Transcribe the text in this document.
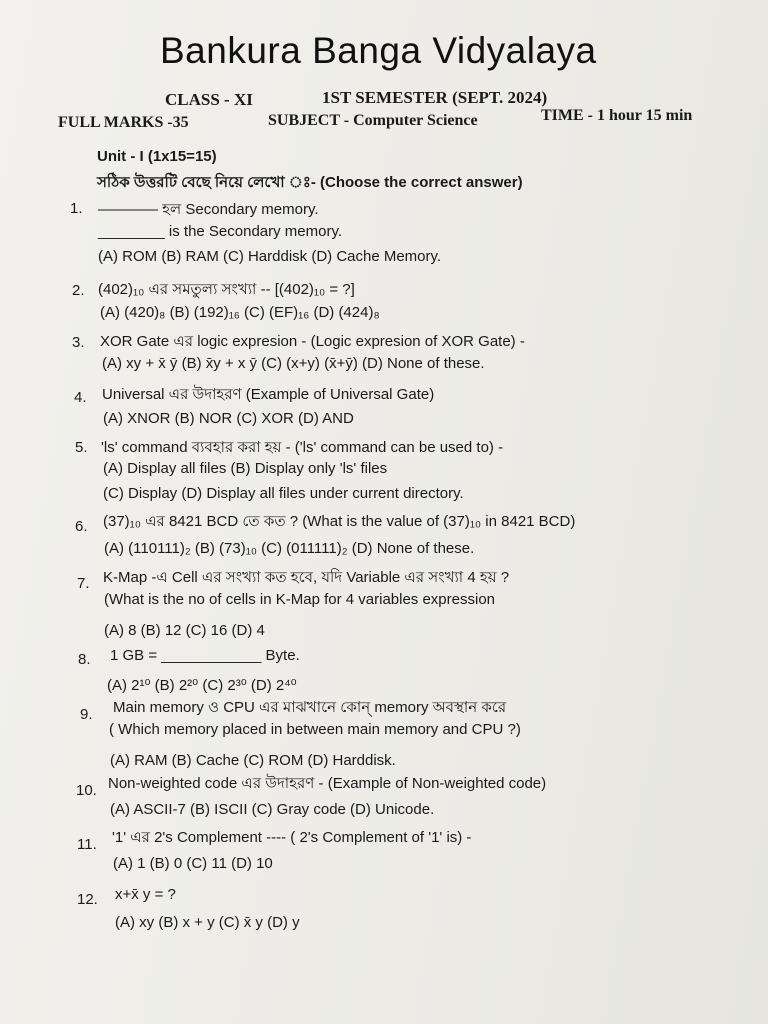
Bankura Banga Vidyalaya
CLASS - XI	1ST SEMESTER (SEPT. 2024)
FULL MARKS -35	SUBJECT - Computer Science	TIME - 1 hour 15 min
Unit - I (1x15=15)
সঠিক উত্তরটি বেছে নিয়ে লেখো ঃ- (Choose the correct answer)
1. ———— হল Secondary memory.
________ is the Secondary memory.
(A) ROM (B) RAM (C) Harddisk (D) Cache Memory.
2. (402)₁₀ এর সমতুল্য সংখ্যা -- [(402)₁₀ = ?]
(A) (420)₈ (B) (192)₁₆ (C) (EF)₁₆ (D) (424)₈
3. XOR Gate এর logic expresion - (Logic expresion of XOR Gate) -
(A) xy + x̄ ȳ (B) x̄y + x ȳ (C) (x+y) (x̄+ȳ) (D) None of these.
4. Universal এর উদাহরণ (Example of Universal Gate)
(A) XNOR (B) NOR (C) XOR (D) AND
5. 'ls' command ব্যবহার করা হয় - ('ls' command can be used to) -
(A) Display all files (B) Display only 'ls' files
(C) Display (D) Display all files under current directory.
6. (37)₁₀ এর 8421 BCD তে কত ? (What is the value of (37)₁₀ in 8421 BCD)
(A) (110111)₂ (B) (73)₁₀ (C) (011111)₂ (D) None of these.
7. K-Map -এ Cell এর সংখ্যা কত হবে, যদি Variable এর সংখ্যা 4 হয় ?
(What is the no of cells in K-Map for 4 variables expression
(A) 8 (B) 12 (C) 16 (D) 4
8. 1 GB = ____________ Byte.
(A) 2¹⁰ (B) 2²⁰ (C) 2³⁰ (D) 2⁴⁰
9. Main memory ও CPU এর মাঝখানে কোন্ memory অবস্থান করে
( Which memory placed in between main memory and CPU ?)
(A) RAM (B) Cache (C) ROM (D) Harddisk.
10. Non-weighted code এর উদাহরণ - (Example of Non-weighted code)
(A) ASCII-7 (B) ISCII (C) Gray code (D) Unicode.
11. '1' এর 2's Complement ---- ( 2's Complement of '1' is) -
(A) 1 (B) 0 (C) 11 (D) 10
12. x+x̄ y = ?
(A) xy (B) x + y (C) x̄ y (D) y
